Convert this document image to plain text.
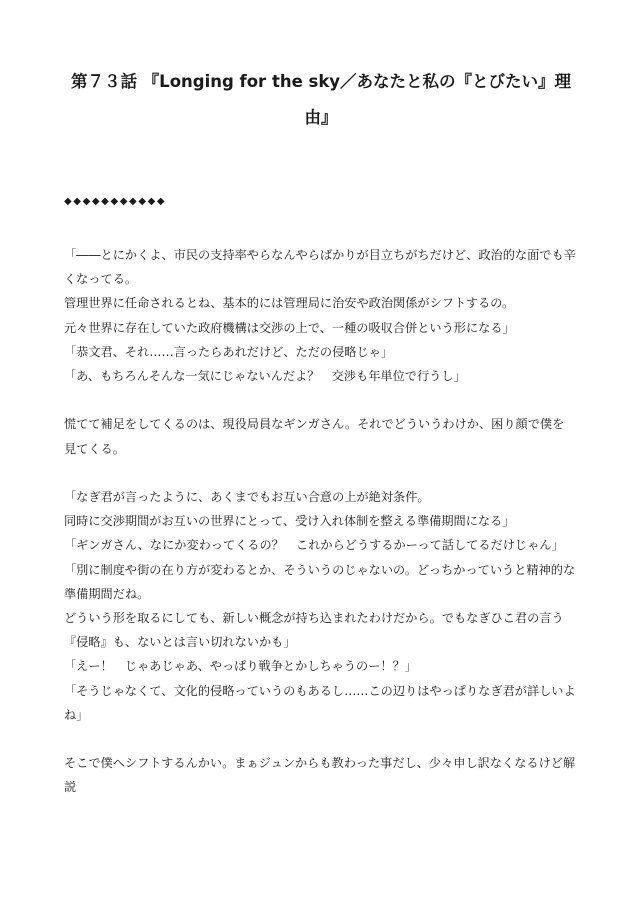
第７３話 『Longing for the sky／あなたと私の『とびたい』理由』
◆◆◆◆◆◆◆◆◆◆◆

「――とにかくよ、市民の支持率やらなんやらばかりが目立ちがちだけど、政治的な面でも辛くなってる。

管理世界に任命されるとね、基本的には管理局に治安や政治関係がシフトするの。

元々世界に存在していた政府機構は交渉の上で、一種の吸収合併という形になる」

「恭文君、それ……言ったらあれだけど、ただの侵略じゃ」

「あ、もちろんそんな一気にじゃないんだよ？　交渉も年単位で行うし」

慌てて補足をしてくるのは、現役局員なギンガさん。それでどういうわけか、困り顔で僕を見てくる。

「なぎ君が言ったように、あくまでもお互い合意の上が絶対条件。

同時に交渉期間がお互いの世界にとって、受け入れ体制を整える準備期間になる」

「ギンガさん、なにか変わってくるの？　これからどうするかーって話してるだけじゃん」

「別に制度や街の在り方が変わるとか、そういうのじゃないの。どっちかっていうと精神的な準備期間だね。

どういう形を取るにしても、新しい概念が持ち込まれたわけだから。でもなぎひこ君の言う『侵略』も、ないとは言い切れないかも」

「えー！　じゃあじゃあ、やっぱり戦争とかしちゃうのー！？」

「そうじゃなくて、文化的侵略っていうのもあるし……この辺りはやっぱりなぎ君が詳しいよね」

そこで僕へシフトするんかい。まぁジュンからも教わった事だし、少々申し訳なくなるけど解説
